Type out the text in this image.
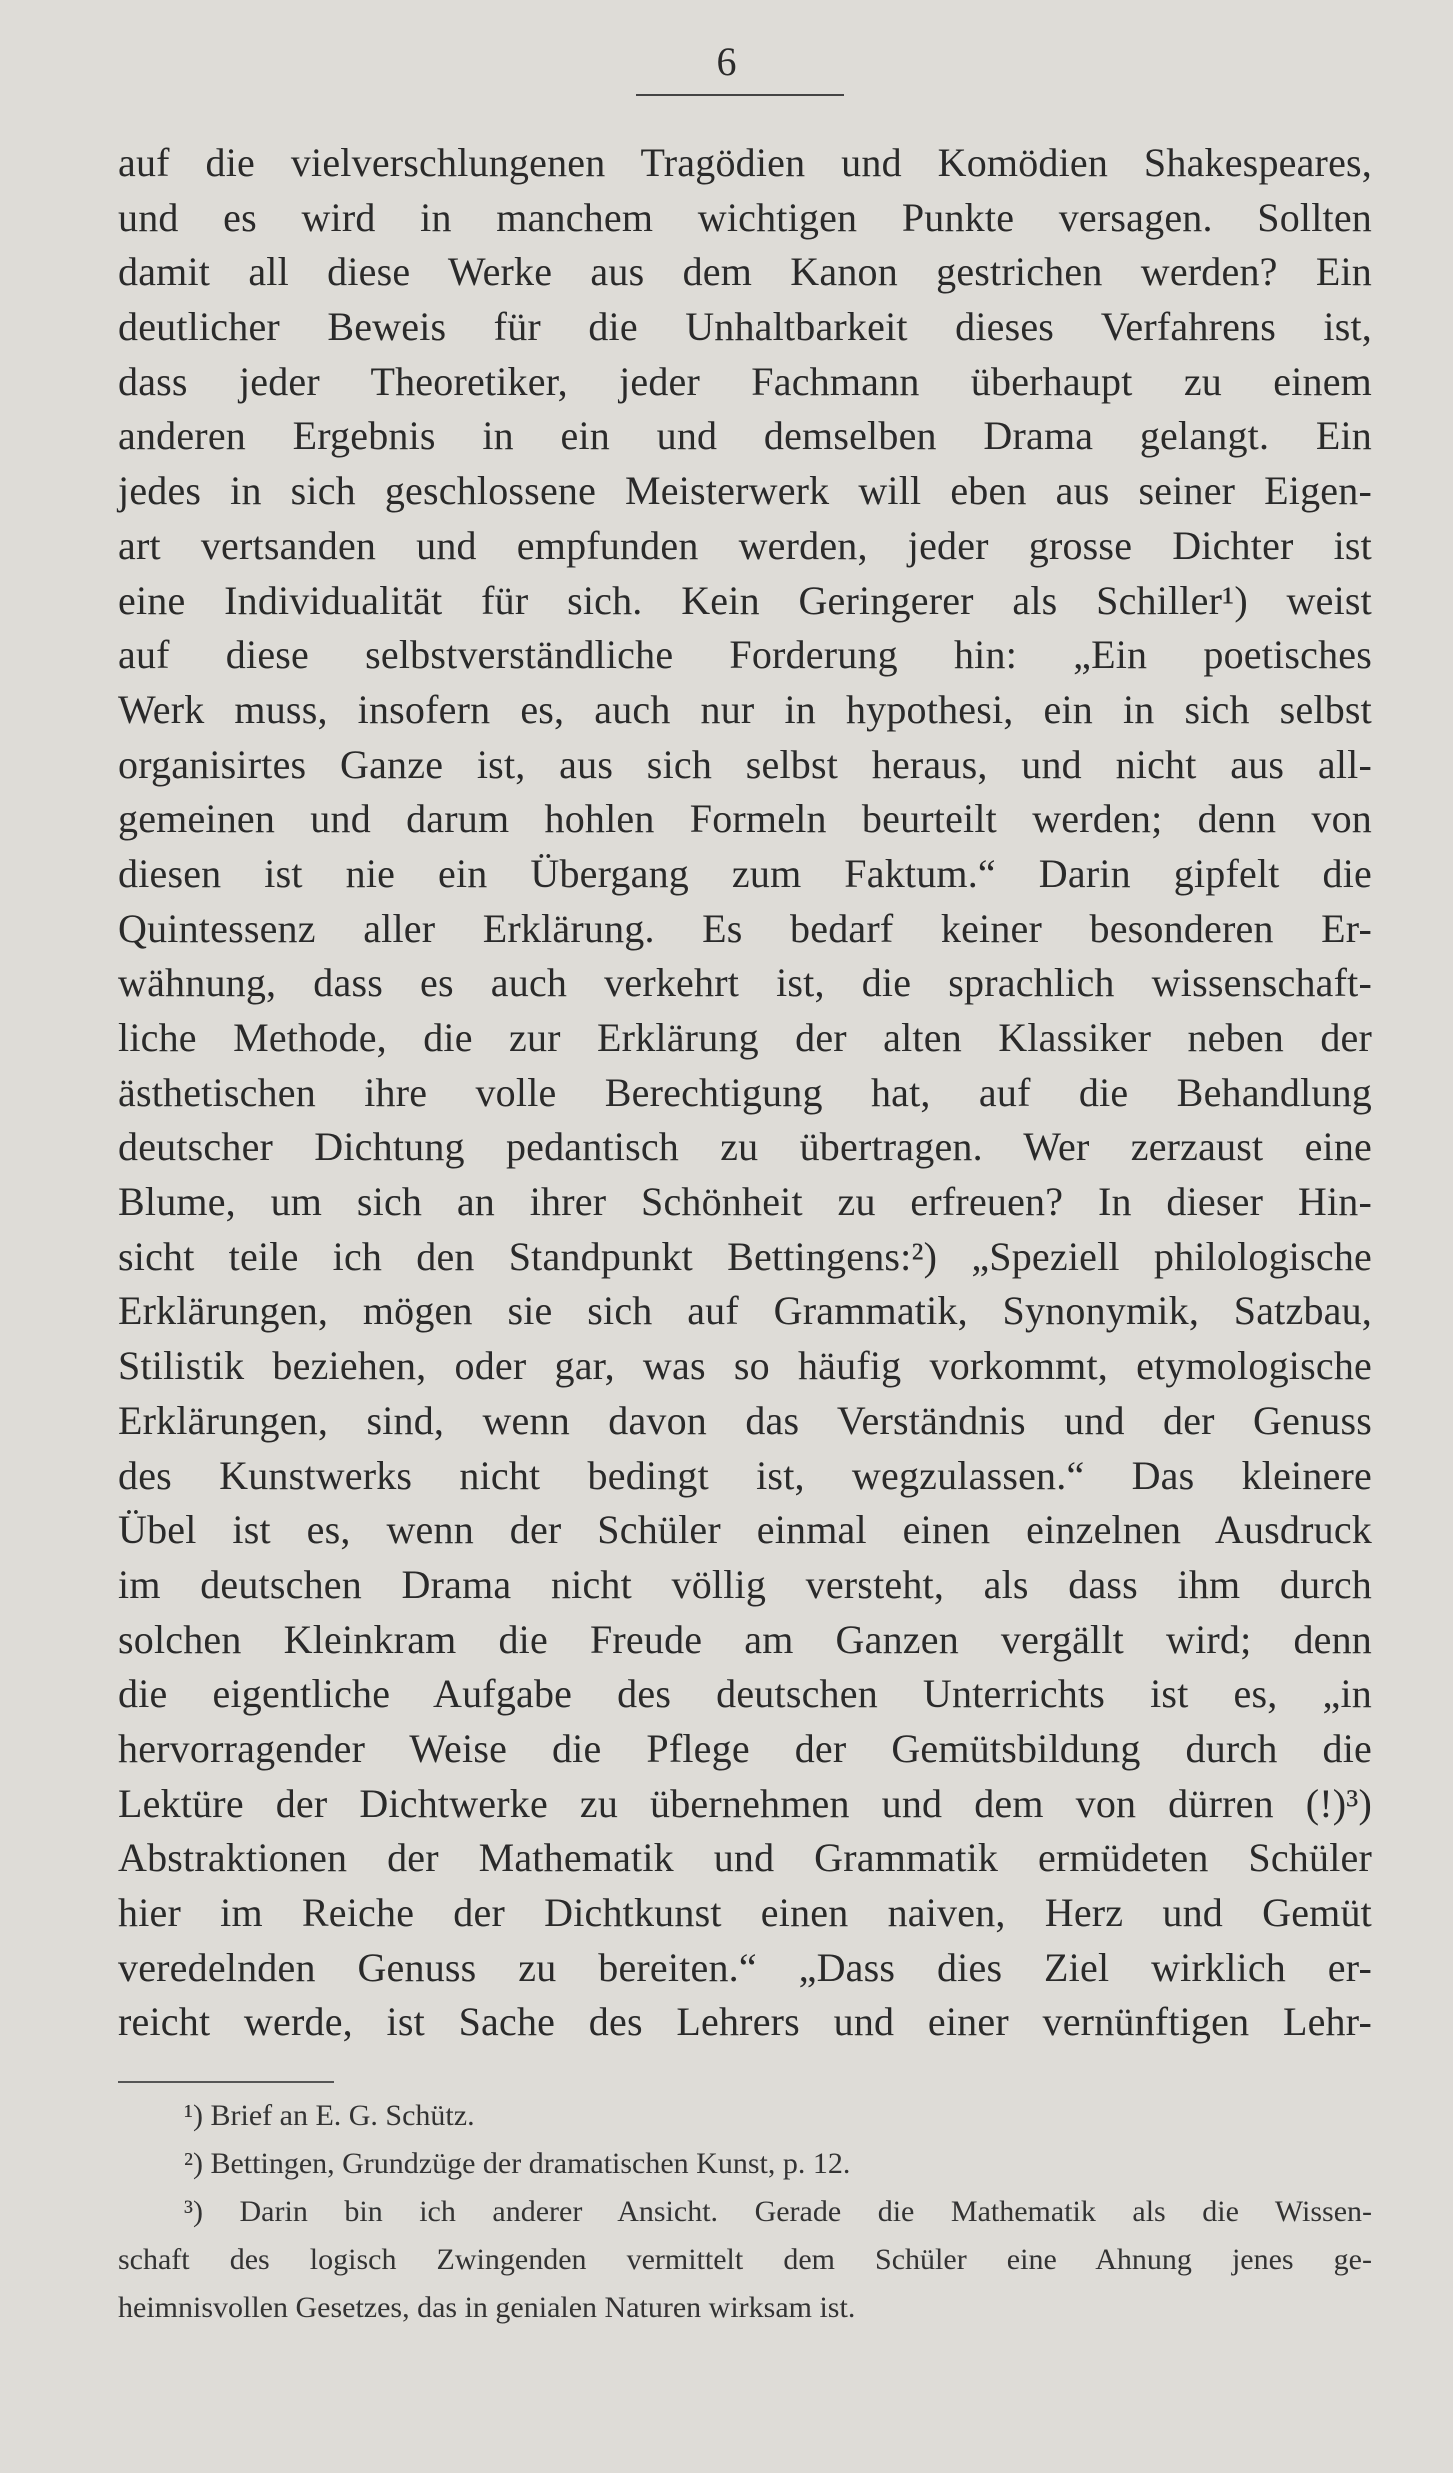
6
auf die vielverschlungenen Tragödien und Komödien Shakespeares,
und es wird in manchem wichtigen Punkte versagen. Sollten
damit all diese Werke aus dem Kanon gestrichen werden? Ein
deutlicher Beweis für die Unhaltbarkeit dieses Verfahrens ist,
dass jeder Theoretiker, jeder Fachmann überhaupt zu einem
anderen Ergebnis in ein und demselben Drama gelangt. Ein
jedes in sich geschlossene Meisterwerk will eben aus seiner Eigen-
art vertsanden und empfunden werden, jeder grosse Dichter ist
eine Individualität für sich. Kein Geringerer als Schiller¹) weist
auf diese selbstverständliche Forderung hin: „Ein poetisches
Werk muss, insofern es, auch nur in hypothesi, ein in sich selbst
organisirtes Ganze ist, aus sich selbst heraus, und nicht aus all-
gemeinen und darum hohlen Formeln beurteilt werden; denn von
diesen ist nie ein Übergang zum Faktum.“ Darin gipfelt die
Quintessenz aller Erklärung. Es bedarf keiner besonderen Er-
wähnung, dass es auch verkehrt ist, die sprachlich wissenschaft-
liche Methode, die zur Erklärung der alten Klassiker neben der
ästhetischen ihre volle Berechtigung hat, auf die Behandlung
deutscher Dichtung pedantisch zu übertragen. Wer zerzaust eine
Blume, um sich an ihrer Schönheit zu erfreuen? In dieser Hin-
sicht teile ich den Standpunkt Bettingens:²) „Speziell philologische
Erklärungen, mögen sie sich auf Grammatik, Synonymik, Satzbau,
Stilistik beziehen, oder gar, was so häufig vorkommt, etymologische
Erklärungen, sind, wenn davon das Verständnis und der Genuss
des Kunstwerks nicht bedingt ist, wegzulassen.“ Das kleinere
Übel ist es, wenn der Schüler einmal einen einzelnen Ausdruck
im deutschen Drama nicht völlig versteht, als dass ihm durch
solchen Kleinkram die Freude am Ganzen vergällt wird; denn
die eigentliche Aufgabe des deutschen Unterrichts ist es, „in
hervorragender Weise die Pflege der Gemütsbildung durch die
Lektüre der Dichtwerke zu übernehmen und dem von dürren (!)³)
Abstraktionen der Mathematik und Grammatik ermüdeten Schüler
hier im Reiche der Dichtkunst einen naiven, Herz und Gemüt
veredelnden Genuss zu bereiten.“ „Dass dies Ziel wirklich er-
reicht werde, ist Sache des Lehrers und einer vernünftigen Lehr-
¹) Brief an E. G. Schütz.
²) Bettingen, Grundzüge der dramatischen Kunst, p. 12.
³) Darin bin ich anderer Ansicht. Gerade die Mathematik als die Wissen-
schaft des logisch Zwingenden vermittelt dem Schüler eine Ahnung jenes ge-
heimnisvollen Gesetzes, das in genialen Naturen wirksam ist.
